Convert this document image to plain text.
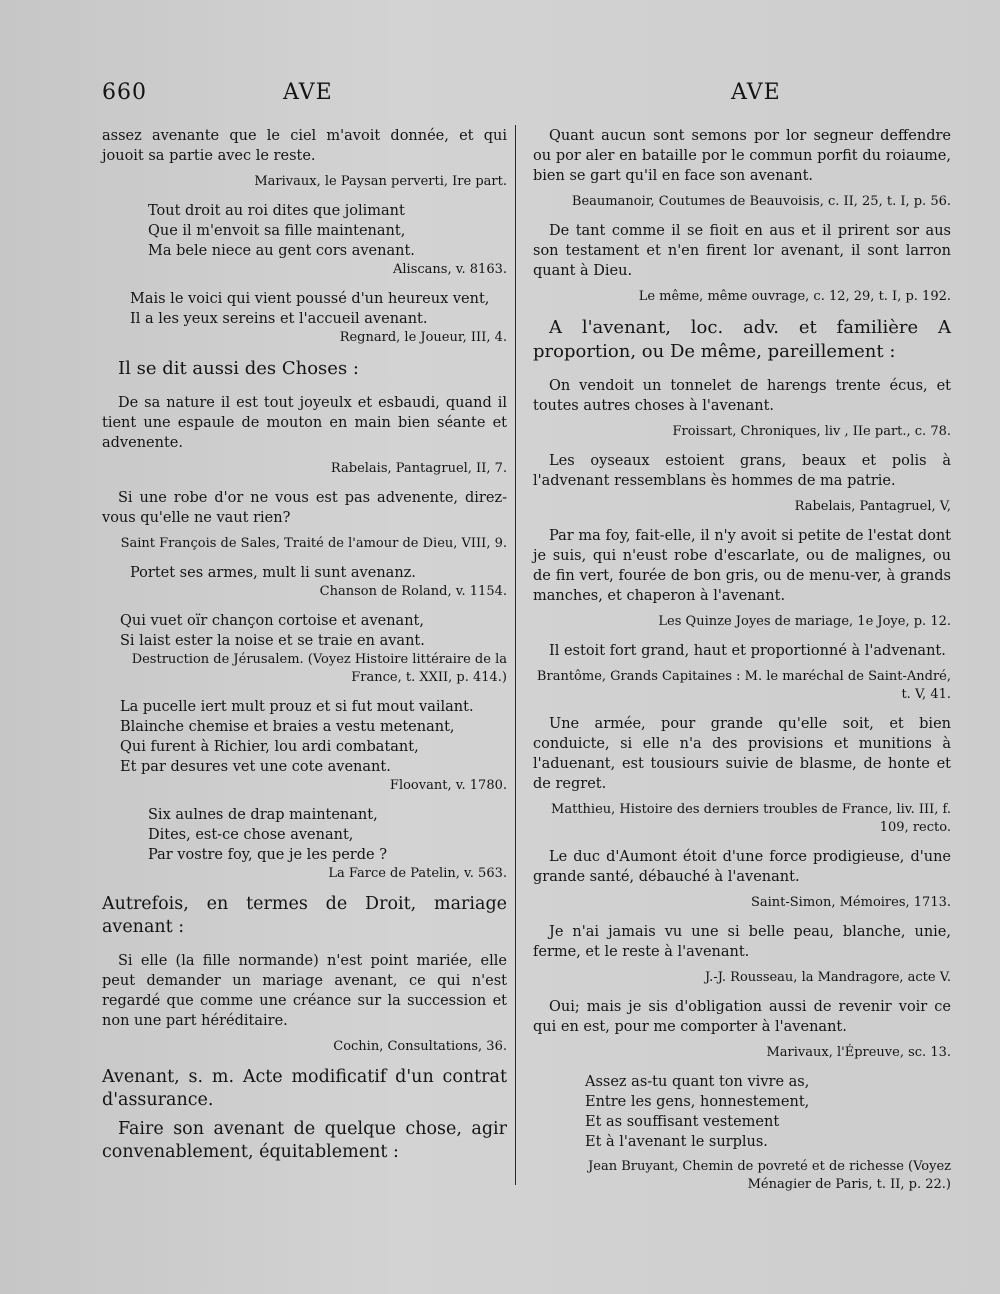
660	AVE	AVE

assez avenante que le ciel m'avoit donnée, et qui jouoit sa partie avec le reste.

Marivaux, le Paysan perverti, Ire part.
Tout droit au roi dites que jolimant
Que il m'envoit sa fille maintenant,
Ma bele niece au gent cors avenant.
Aliscans, v. 8163.
Mais le voici qui vient poussé d'un heureux vent,
Il a les yeux sereins et l'accueil avenant.
Regnard, le Joueur, III, 4.
Il se dit aussi des Choses :

De sa nature il est tout joyeulx et esbaudi, quand il tient une espaule de mouton en main bien séante et advenente.

Rabelais, Pantagruel, II, 7.

Si une robe d'or ne vous est pas advenente, direz-vous qu'elle ne vaut rien?

Saint François de Sales, Traité de l'amour de Dieu, VIII, 9.
Portet ses armes, mult li sunt avenanz.
Chanson de Roland, v. 1154.
Qui vuet oïr chançon cortoise et avenant,
Si laist ester la noise et se traie en avant.
Destruction de Jérusalem. (Voyez Histoire littéraire de la France, t. XXII, p. 414.)
La pucelle iert mult prouz et si fut mout vailant.
Blainche chemise et braies a vestu metenant,
Qui furent à Richier, lou ardi combatant,
Et par desures vet une cote avenant.
Floovant, v. 1780.
Six aulnes de drap maintenant,
Dites, est-ce chose avenant,
Par vostre foy, que je les perde ?
La Farce de Patelin, v. 563.
Autrefois, en termes de Droit, mariage avenant :

Si elle (la fille normande) n'est point mariée, elle peut demander un mariage avenant, ce qui n'est regardé que comme une créance sur la succession et non une part héréditaire.

Cochin, Consultations, 36.
Avenant, s. m. Acte modificatif d'un contrat d'assurance.
Faire son avenant de quelque chose, agir convenablement, équitablement :

Quant aucun sont semons por lor segneur deffendre ou por aler en bataille por le commun porfit du roiaume, bien se gart qu'il en face son avenant.

Beaumanoir, Coutumes de Beauvoisis, c. II, 25, t. I, p. 56.

De tant comme il se fioit en aus et il prirent sor aus son testament et n'en firent lor avenant, il sont larron quant à Dieu.

Le même, même ouvrage, c. 12, 29, t. I, p. 192.
A l'avenant, loc. adv. et familière A proportion, ou De même, pareillement :

On vendoit un tonnelet de harengs trente écus, et toutes autres choses à l'avenant.

Froissart, Chroniques, liv , IIe part., c. 78.

Les oyseaux estoient grans, beaux et polis à l'advenant ressemblans ès hommes de ma patrie.

Rabelais, Pantagruel, V,

Par ma foy, fait-elle, il n'y avoit si petite de l'estat dont je suis, qui n'eust robe d'escarlate, ou de malignes, ou de fin vert, fourée de bon gris, ou de menu-ver, à grands manches, et chaperon à l'avenant.

Les Quinze Joyes de mariage, 1e Joye, p. 12.

Il estoit fort grand, haut et proportionné à l'advenant.

Brantôme, Grands Capitaines : M. le maréchal de Saint-André, t. V, 41.

Une armée, pour grande qu'elle soit, et bien conduicte, si elle n'a des provisions et munitions à l'aduenant, est tousiours suivie de blasme, de honte et de regret.

Matthieu, Histoire des derniers troubles de France, liv. III, f. 109, recto.

Le duc d'Aumont étoit d'une force prodigieuse, d'une grande santé, débauché à l'avenant.

Saint-Simon, Mémoires, 1713.

Je n'ai jamais vu une si belle peau, blanche, unie, ferme, et le reste à l'avenant.

J.-J. Rousseau, la Mandragore, acte V.

Oui; mais je sis d'obligation aussi de revenir voir ce qui en est, pour me comporter à l'avenant.

Marivaux, l'Épreuve, sc. 13.
Assez as-tu quant ton vivre as,
Entre les gens, honnestement,
Et as souffisant vestement
Et à l'avenant le surplus.
Jean Bruyant, Chemin de povreté et de richesse (Voyez Ménagier de Paris, t. II, p. 22.)
